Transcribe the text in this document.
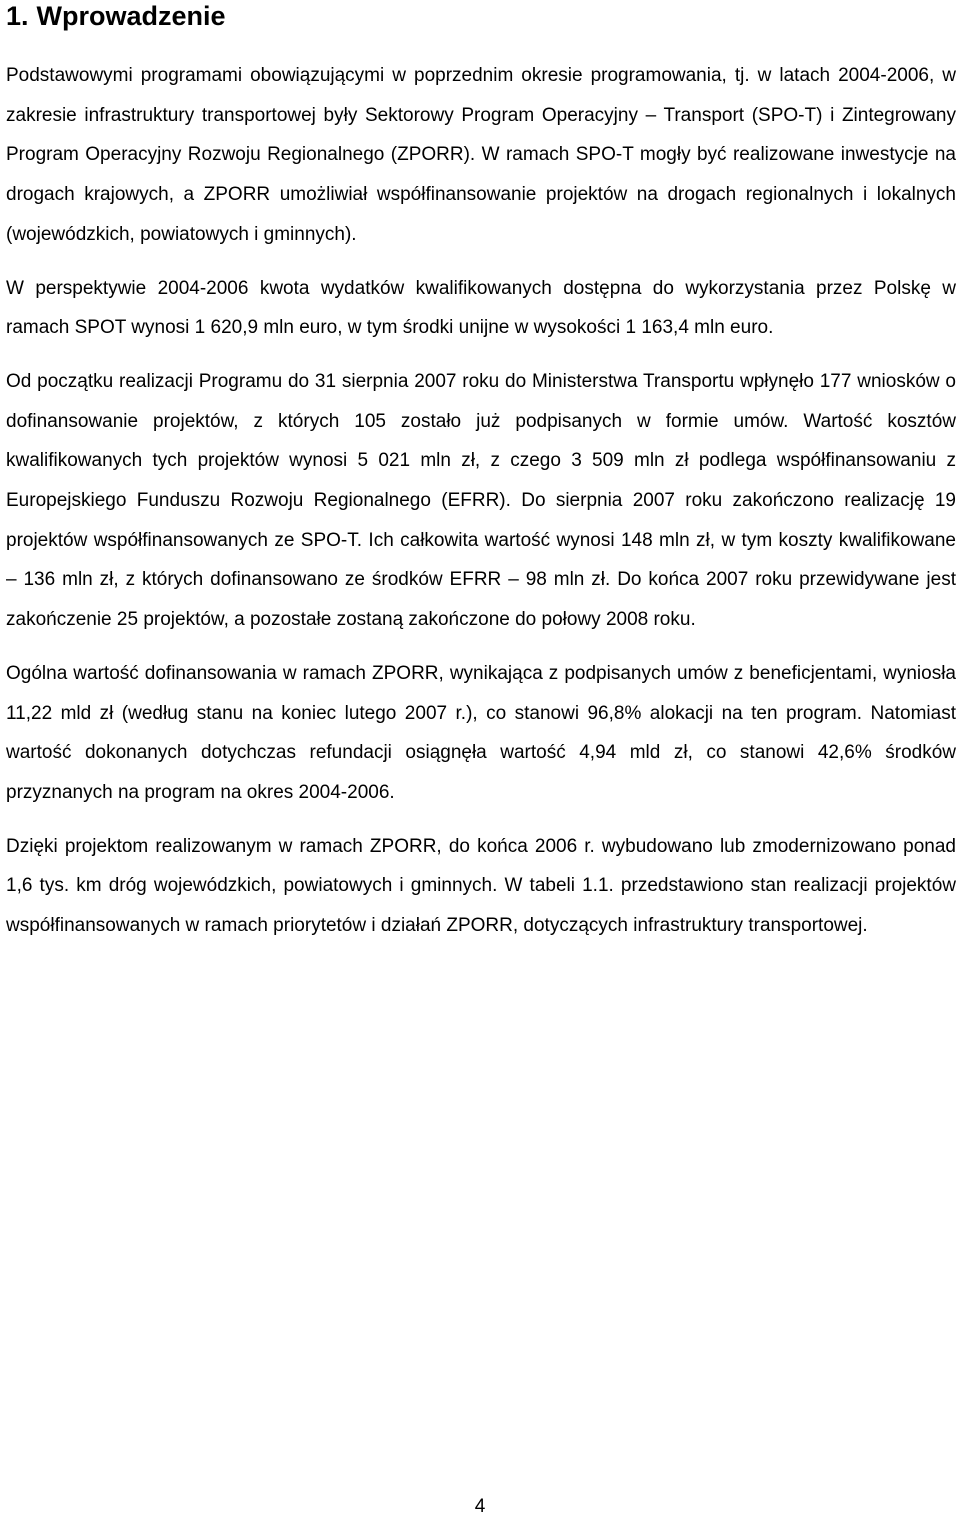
1. Wprowadzenie

Podstawowymi programami obowiązującymi w poprzednim okresie programowania, tj. w latach 2004-2006, w zakresie infrastruktury transportowej były Sektorowy Program Operacyjny – Transport (SPO-T) i Zintegrowany Program Operacyjny Rozwoju Regionalnego (ZPORR). W ramach SPO-T mogły być realizowane inwestycje na drogach krajowych, a ZPORR umożliwiał współfinansowanie projektów na drogach regionalnych i lokalnych (wojewódzkich, powiatowych i gminnych).

W perspektywie 2004-2006 kwota wydatków kwalifikowanych dostępna do wykorzystania przez Polskę w ramach SPOT wynosi 1 620,9 mln euro, w tym środki unijne w wysokości 1 163,4 mln euro.

Od początku realizacji Programu do 31 sierpnia 2007 roku do Ministerstwa Transportu wpłynęło 177 wniosków o dofinansowanie projektów, z których 105 zostało już podpisanych w formie umów. Wartość kosztów kwalifikowanych tych projektów wynosi 5 021 mln zł, z czego 3 509 mln zł podlega współfinansowaniu z Europejskiego Funduszu Rozwoju Regionalnego (EFRR). Do sierpnia 2007 roku zakończono realizację 19 projektów współfinansowanych ze SPO-T. Ich całkowita wartość wynosi 148 mln zł, w tym koszty kwalifikowane – 136 mln zł, z których dofinansowano ze środków EFRR – 98 mln zł. Do końca 2007 roku przewidywane jest zakończenie 25 projektów, a pozostałe zostaną zakończone do połowy 2008 roku.

Ogólna wartość dofinansowania w ramach ZPORR, wynikająca z podpisanych umów z beneficjentami, wyniosła 11,22 mld zł (według stanu na koniec lutego 2007 r.), co stanowi 96,8% alokacji na ten program. Natomiast wartość dokonanych dotychczas refundacji osiągnęła wartość 4,94 mld zł, co stanowi 42,6% środków przyznanych na program na okres 2004-2006.

Dzięki projektom realizowanym w ramach ZPORR, do końca 2006 r. wybudowano lub zmodernizowano ponad 1,6 tys. km dróg wojewódzkich, powiatowych i gminnych. W tabeli 1.1. przedstawiono stan realizacji projektów współfinansowanych w ramach priorytetów i działań ZPORR, dotyczących infrastruktury transportowej.

4
